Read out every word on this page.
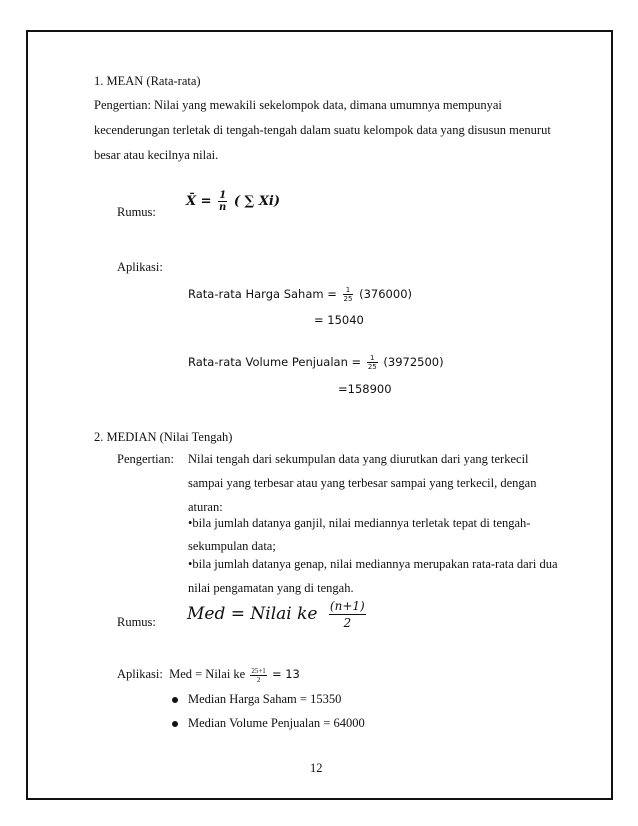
1. MEAN (Rata-rata)
Pengertian: Nilai yang mewakili sekelompok data, dimana umumnya mempunyai
kecenderungan terletak di tengah-tengah dalam suatu kelompok data yang disusun menurut
besar atau kecilnya nilai.
Rumus:
X̄ = $\frac{1}{n}$ ( ∑ Xi)
Aplikasi:
Rata-rata Harga Saham = $\frac{1}{25} (376000)$
= 15040
Rata-rata Volume Penjualan = $\frac{1}{25} (3972500)$
=158900
2. MEDIAN (Nilai Tengah)
Pengertian: Nilai tengah dari sekumpulan data yang diurutkan dari yang terkecil
sampai yang terbesar atau yang terbesar sampai yang terkecil, dengan
aturan:
•bila jumlah datanya ganjil, nilai mediannya terletak tepat di tengah-
sekumpulan data;
•bila jumlah datanya genap, nilai mediannya merupakan rata-rata dari dua
nilai pengamatan yang di tengah.
Rumus: Med = Nilai ke $\frac{(n+1)}{2}$
Aplikasi: Med = Nilai ke $\frac{25+1}{2} = 13$
Median Harga Saham = 15350
Median Volume Penjualan = 64000
12
